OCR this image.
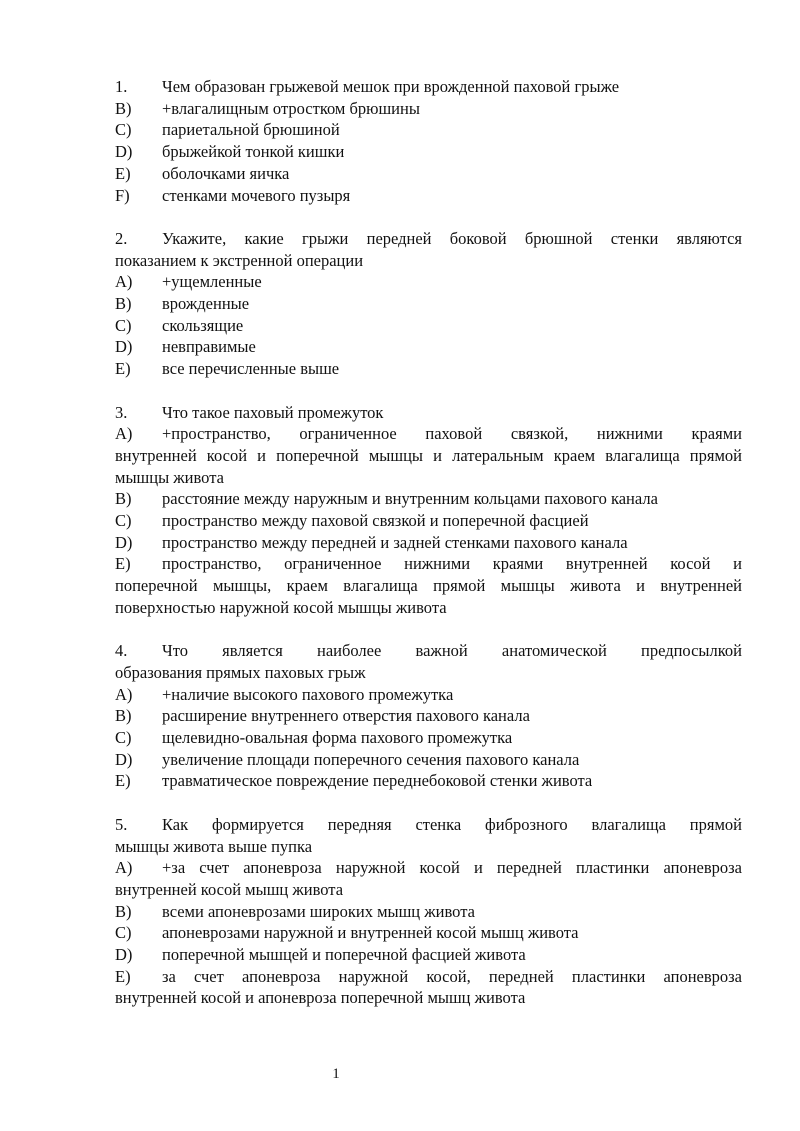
1.	Чем образован грыжевой мешок при врожденной паховой грыже
B)	+влагалищным отростком брюшины
C)	париетальной брюшиной
D)	брыжейкой тонкой кишки
E)	оболочками яичка
F)	стенками мочевого пузыря
2.	Укажите, какие грыжи передней боковой брюшной стенки являются
показанием к экстренной операции
A)	+ущемленные
B)	врожденные
C)	скользящие
D)	невправимые
E)	все перечисленные выше
3.	Что такое паховый промежуток
A)	+пространство, ограниченное паховой связкой, нижними краями
внутренней косой и поперечной мышцы и латеральным краем влагалища прямой мышцы живота
B)	расстояние между наружным и внутренним кольцами пахового канала
C)	пространство между паховой связкой и поперечной фасцией
D)	пространство между передней и задней стенками пахового канала
E)	пространство, ограниченное нижними краями внутренней косой и
поперечной мышцы, краем влагалища прямой мышцы живота и внутренней поверхностью наружной косой мышцы живота
4.	Что является наиболее важной анатомической предпосылкой
образования прямых паховых грыж
A)	+наличие высокого пахового промежутка
B)	расширение внутреннего отверстия пахового канала
C)	щелевидно-овальная форма пахового промежутка
D)	увеличение площади поперечного сечения пахового канала
E)	травматическое повреждение переднебоковой стенки живота
5.	Как формируется передняя стенка фиброзного влагалища прямой
мышцы живота выше пупка
A)	+за счет апоневроза наружной косой и передней пластинки апоневроза
внутренней косой мышц живота
B)	всеми апоневрозами широких мышц живота
C)	апоневрозами наружной и внутренней косой мышц живота
D)	поперечной мышцей и поперечной фасцией живота
E)	за счет апоневроза наружной косой, передней пластинки апоневроза
внутренней косой и апоневроза поперечной мышц живота
1
